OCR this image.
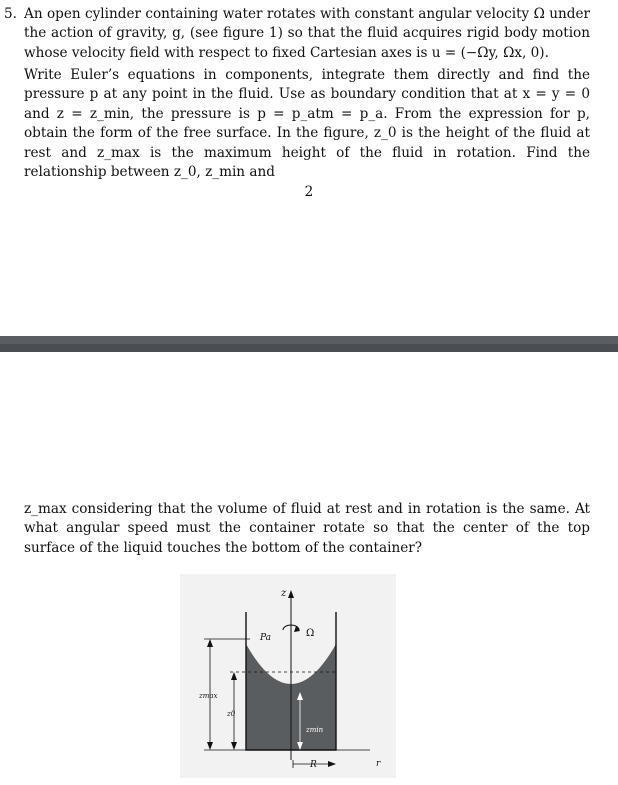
5. An open cylinder containing water rotates with constant angular velocity Ω under the action of gravity, g, (see figure 1) so that the fluid acquires rigid body motion whose velocity field with respect to fixed Cartesian axes is u = (−Ωy, Ωx, 0).
Write Euler’s equations in components, integrate them directly and find the pressure p at any point in the fluid. Use as boundary condition that at x = y = 0 and z = z_min, the pressure is p = p_atm = p_a. From the expression for p, obtain the form of the free surface. In the figure, z_0 is the height of the fluid at rest and z_max is the maximum height of the fluid in rotation. Find the relationship between z_0, z_min and
2
z_max considering that the volume of fluid at rest and in rotation is the same. At what angular speed must the container rotate so that the center of the top surface of the liquid touches the bottom of the container?
z
Pa	Ω
zmax
z0
zmin
R	r
